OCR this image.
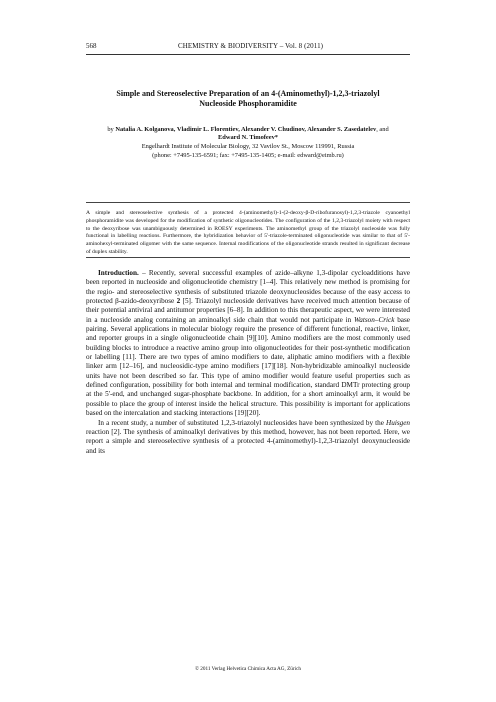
568	CHEMISTRY & BIODIVERSITY – Vol. 8 (2011)
Simple and Stereoselective Preparation of an 4-(Aminomethyl)-1,2,3-triazolyl
Nucleoside Phosphoramidite
by Natalia A. Kolganova, Vladimir L. Florentiev, Alexander V. Chudinov, Alexander S. Zasedatelev, and
Edward N. Timofeev*
Engelhardt Institute of Molecular Biology, 32 Vavilov St., Moscow 119991, Russia
(phone: +7495-135-6591; fax: +7495-135-1405; e-mail: edward@eimb.ru)
A simple and stereoselective synthesis of a protected 4-(aminomethyl)-1-(2-deoxy-β-D-ribofuranosyl)-1,2,3-triazole cyanoethyl phosphoramidite was developed for the modification of synthetic oligonucleotides. The configuration of the 1,2,3-triazolyl moiety with respect to the deoxyribose was unambiguously determined in ROESY experiments. The aminomethyl group of the triazolyl nucleoside was fully functional in labelling reactions. Furthermore, the hybridization behavior of 5'-triazole-terminated oligonucleotide was similar to that of 5'-aminohexyl-terminated oligomer with the same sequence. Internal modifications of the oligonucleotide strands resulted in significant decrease of duplex stability.

Introduction. – Recently, several successful examples of azide–alkyne 1,3-dipolar cycloadditions have been reported in nucleoside and oligonucleotide chemistry [1–4]. This relatively new method is promising for the regio- and stereoselective synthesis of substituted triazole deoxynucleosides because of the easy access to protected β-azido-deoxyribose 2 [5]. Triazolyl nucleoside derivatives have received much attention because of their potential antiviral and antitumor properties [6–8]. In addition to this therapeutic aspect, we were interested in a nucleoside analog containing an aminoalkyl side chain that would not participate in Watson–Crick base pairing. Several applications in molecular biology require the presence of different functional, reactive, linker, and reporter groups in a single oligonucleotide chain [9][10]. Amino modifiers are the most commonly used building blocks to introduce a reactive amino group into oligonucleotides for their post-synthetic modification or labelling [11]. There are two types of amino modifiers to date, aliphatic amino modifiers with a flexible linker arm [12–16], and nucleosidic-type amino modifiers [17][18]. Non-hybridizable aminoalkyl nucleoside units have not been described so far. This type of amino modifier would feature useful properties such as defined configuration, possibility for both internal and terminal modification, standard DMTr protecting group at the 5'-end, and unchanged sugar-phosphate backbone. In addition, for a short aminoalkyl arm, it would be possible to place the group of interest inside the helical structure. This possibility is important for applications based on the intercalation and stacking interactions [19][20].

In a recent study, a number of substituted 1,2,3-triazolyl nucleosides have been synthesized by the Huisgen reaction [2]. The synthesis of aminoalkyl derivatives by this method, however, has not been reported. Here, we report a simple and stereoselective synthesis of a protected 4-(aminomethyl)-1,2,3-triazolyl deoxynucleoside and its

© 2011 Verlag Helvetica Chimica Acta AG, Zürich
